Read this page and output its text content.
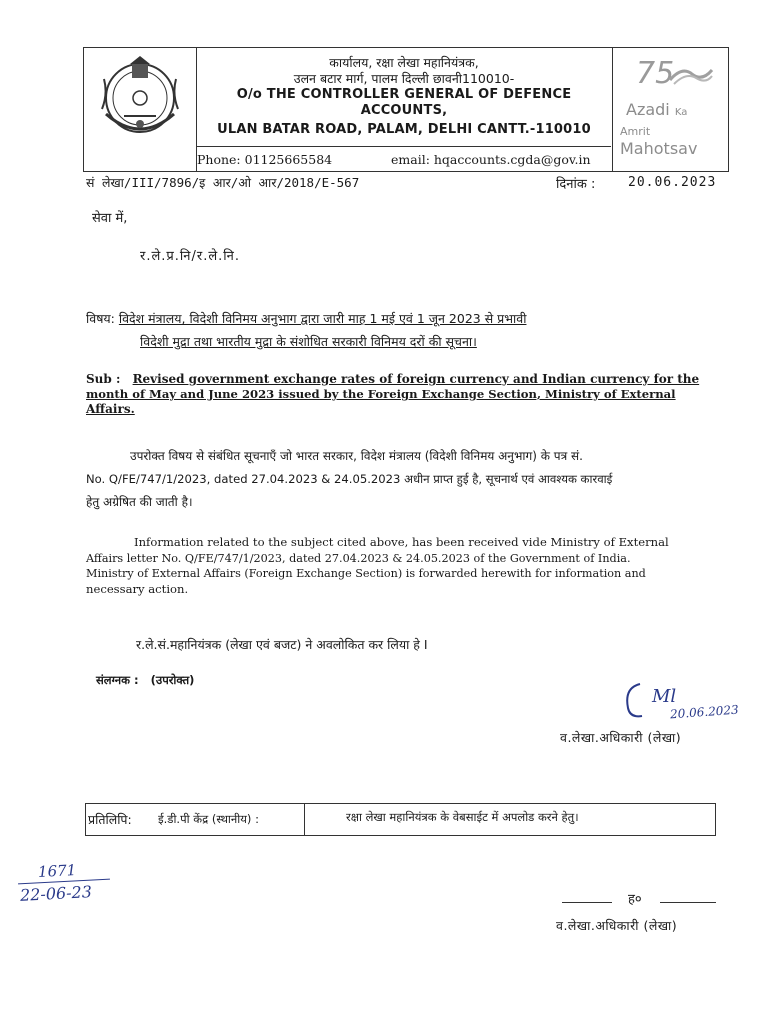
कार्यालय, रक्षा लेखा महानियंत्रक,
उलन बटार मार्ग, पालम दिल्ली छावनी110010-
O/o THE CONTROLLER GENERAL OF DEFENCE
ACCOUNTS,
ULAN BATAR ROAD, PALAM, DELHI CANTT.-110010
Phone: 01125665584	email: hqaccounts.cgda@gov.in
75
Azadi Ka
Amrit Mahotsav
सं लेखा/III/7896/इ आर/ओ आर/2018/E-567	दिनांक :	20.06.2023
सेवा में,
र.ले.प्र.नि/र.ले.नि.
विषय: विदेश मंत्रालय, विदेशी विनिमय अनुभाग द्वारा जारी माह 1 मई एवं 1 जून 2023 से प्रभावी
विदेशी मुद्रा तथा भारतीय मुद्रा के संशोधित सरकारी विनिमय दरों की सूचना।
Sub : Revised government exchange rates of foreign currency and Indian currency for the
month of May and June 2023 issued by the Foreign Exchange Section, Ministry of External
Affairs.
उपरोक्त विषय से संबंधित सूचनाएँ जो भारत सरकार, विदेश मंत्रालय (विदेशी विनिमय अनुभाग) के पत्र सं.
No. Q/FE/747/1/2023, dated 27.04.2023 & 24.05.2023 अधीन प्राप्त हुई है, सूचनार्थ एवं आवश्यक कारवाई
हेतु अग्रेषित की जाती है।
Information related to the subject cited above, has been received vide Ministry of External
Affairs letter No. Q/FE/747/1/2023, dated 27.04.2023 & 24.05.2023 of the Government of India.
Ministry of External Affairs (Foreign Exchange Section) is forwarded herewith for information and
necessary action.
र.ले.सं.महानियंत्रक (लेखा एवं बजट) ने अवलोकित कर लिया हे I
संलग्नक : (उपरोक्त)
Ml
20.06.2023
व.लेखा.अधिकारी (लेखा)
प्रतिलिपि: ई.डी.पी केंद्र (स्थानीय) :	रक्षा लेखा महानियंत्रक के वेबसाईट में अपलोड करने हेतु।
1671
22-06-23	ह०
व.लेखा.अधिकारी (लेखा)
